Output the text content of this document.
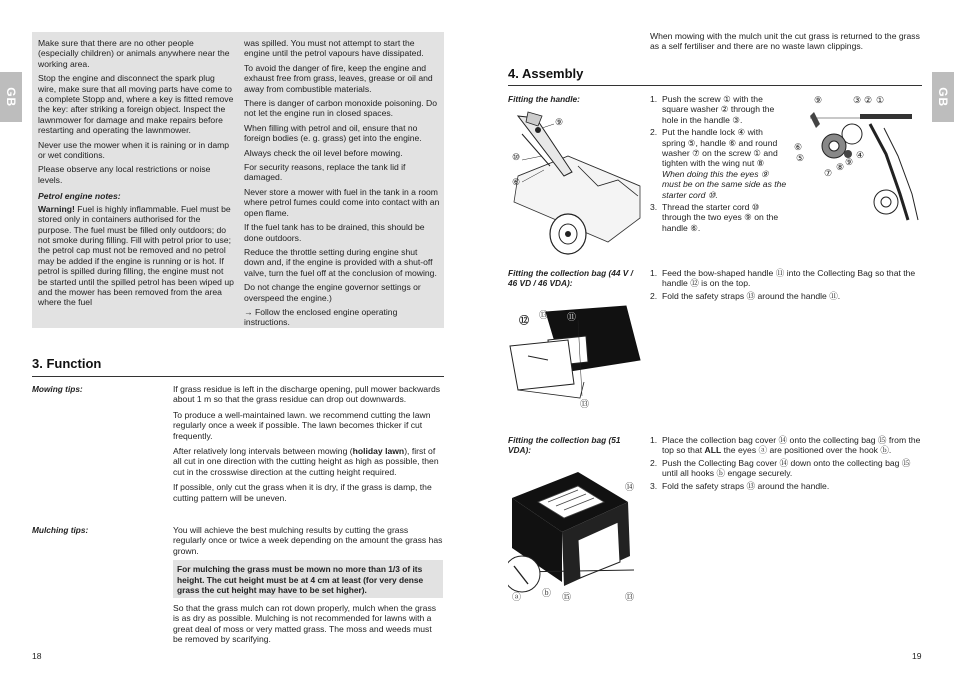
GB	GB

Make sure that there are no other people (especially children) or animals anywhere near the working area.

Stop the engine and disconnect the spark plug wire, make sure that all moving parts have come to a complete Stopp and, where a key is fitted remove the key: after striking a foreign object. Inspect the lawnmower for damage and make repairs before restarting and operating the lawnmower.

Never use the mower when it is raining or in damp or wet conditions.

Please observe any local restrictions or noise levels.

Petrol engine notes:

Warning! Fuel is highly inflammable. Fuel must be stored only in containers authorised for the purpose. The fuel must be filled only outdoors; do not smoke during filling. Fill with petrol prior to use; the petrol cap must not be removed and no petrol may be added if the engine is running or is hot. If petrol is spilled during filling, the engine must not be started until the spilled petrol has been wiped up and the mower has been removed from the area where the fuel

was spilled. You must not attempt to start the engine until the petrol vapours have dissipated.

To avoid the danger of fire, keep the engine and exhaust free from grass, leaves, grease or oil and away from combustible materials.

There is danger of carbon monoxide poisoning. Do not let the engine run in closed spaces.

When filling with petrol and oil, ensure that no foreign bodies (e. g. grass) get into the engine.

Always check the oil level before mowing.

For security reasons, replace the tank lid if damaged.

Never store a mower with fuel in the tank in a room where petrol fumes could come into contact with an open flame.

If the fuel tank has to be drained, this should be done outdoors.

Reduce the throttle setting during engine shut down and, if the engine is provided with a shut-off valve, turn the fuel off at the conclusion of mowing.

Do not change the engine governor settings or overspeed the engine.)

→ Follow the enclosed engine operating instructions.

3. Function
Mowing tips:	If grass residue is left in the discharge opening, pull mower backwards about 1 m so that the grass residue can drop out downwards.

To produce a well-maintained lawn. we recommend cutting the lawn regularly once a week if possible. The lawn becomes thicker if cut frequently.

After relatively long intervals between mowing (holiday lawn), first of all cut in one direction with the cutting height as high as possible, then cut in the crosswise direction at the cutting height required.

If possible, only cut the grass when it is dry, if the grass is damp, the cutting pattern will be uneven.

Mulching tips:	You will achieve the best mulching results by cutting the grass regularly once or twice a week depending on the amount the grass has grown.
For mulching the grass must be mown no more than 1/3 of its height. The cut height must be at 4 cm at least (for very dense grass the cut height may have to be set higher).
So that the grass mulch can rot down properly, mulch when the grass is as dry as possible. Mulching is not recommended for lawns with a great deal of moss or very matted grass. The moss and weeds must be removed by scarifying.
18
When mowing with the mulch unit the cut grass is returned to the grass as a self fertiliser and there are no waste lawn clippings.
4. Assembly
Fitting the handle:
⑨
⑩
⑥
1. Push the screw ① with the square washer ② through the hole in the handle ③.
2. Put the handle lock ④ with spring ⑤, handle ⑥ and round washer ⑦ on the screw ① and tighten with the wing nut ⑧
When doing this the eyes ⑨ must be on the same side as the starter cord ⑩.
3. Thread the starter cord ⑩ through the two eyes ⑨ on the handle ⑥.
⑨	③ ② ①
⑥
⑤	④
⑨
⑧
⑦
Fitting the collection bag (44 V / 46 VD / 46 VDA):
⑫	⑪
⑬
⑬
1. Feed the bow-shaped handle ⑪ into the Collecting Bag so that the handle ⑫ is on the top.
2. Fold the safety straps ⑬ around the handle ⑪.
Fitting the collection bag (51 VDA):
⑭
ⓐ ⓑ ⑮	⑬
1. Place the collection bag cover ⑭ onto the collecting bag ⑮ from the top so that ALL the eyes ⓐ are positioned over the hook ⓑ.
2. Push the Collecting Bag cover ⑭ down onto the collecting bag ⑮ until all hooks ⓑ engage securely.
3. Fold the safety straps ⑬ around the handle.
19
